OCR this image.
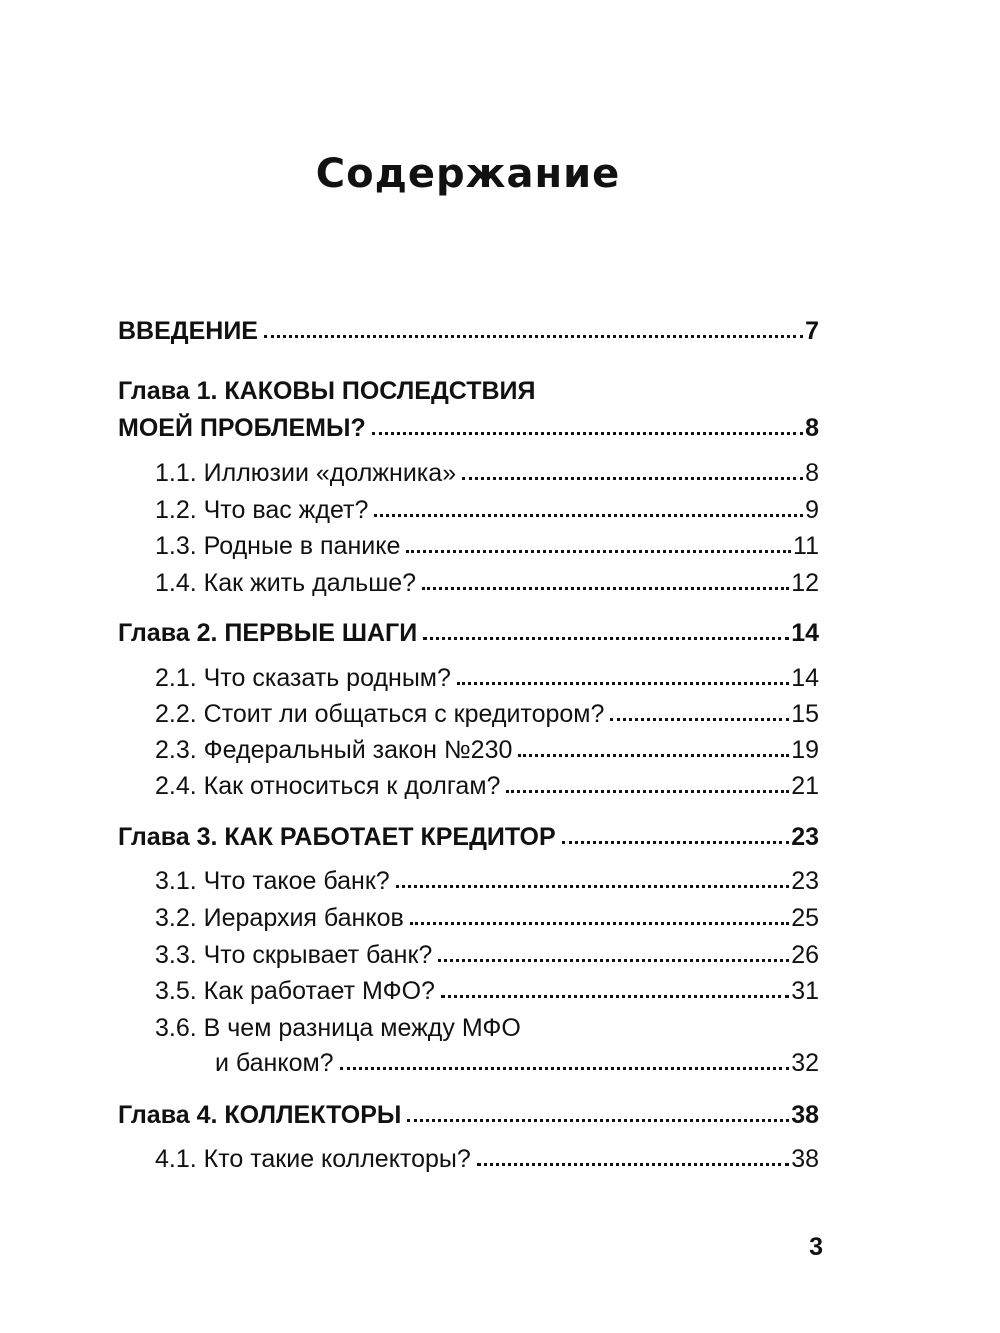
Содержание
ВВЕДЕНИЕ	7
Глава 1. КАКОВЫ ПОСЛЕДСТВИЯ
МОЕЙ ПРОБЛЕМЫ?	8
1.1. Иллюзии «должника»	8
1.2. Что вас ждет?	9
1.3. Родные в панике	11
1.4. Как жить дальше?	12
Глава 2. ПЕРВЫЕ ШАГИ	14
2.1. Что сказать родным?	14
2.2. Стоит ли общаться с кредитором?	15
2.3. Федеральный закон №230	19
2.4. Как относиться к долгам?	21
Глава 3. КАК РАБОТАЕТ КРЕДИТОР	23
3.1. Что такое банк?	23
3.2. Иерархия банков	25
3.3. Что скрывает банк?	26
3.5. Как работает МФО?	31
3.6. В чем разница между МФО
и банком?	32
Глава 4. КОЛЛЕКТОРЫ	38
4.1. Кто такие коллекторы?	38
3
